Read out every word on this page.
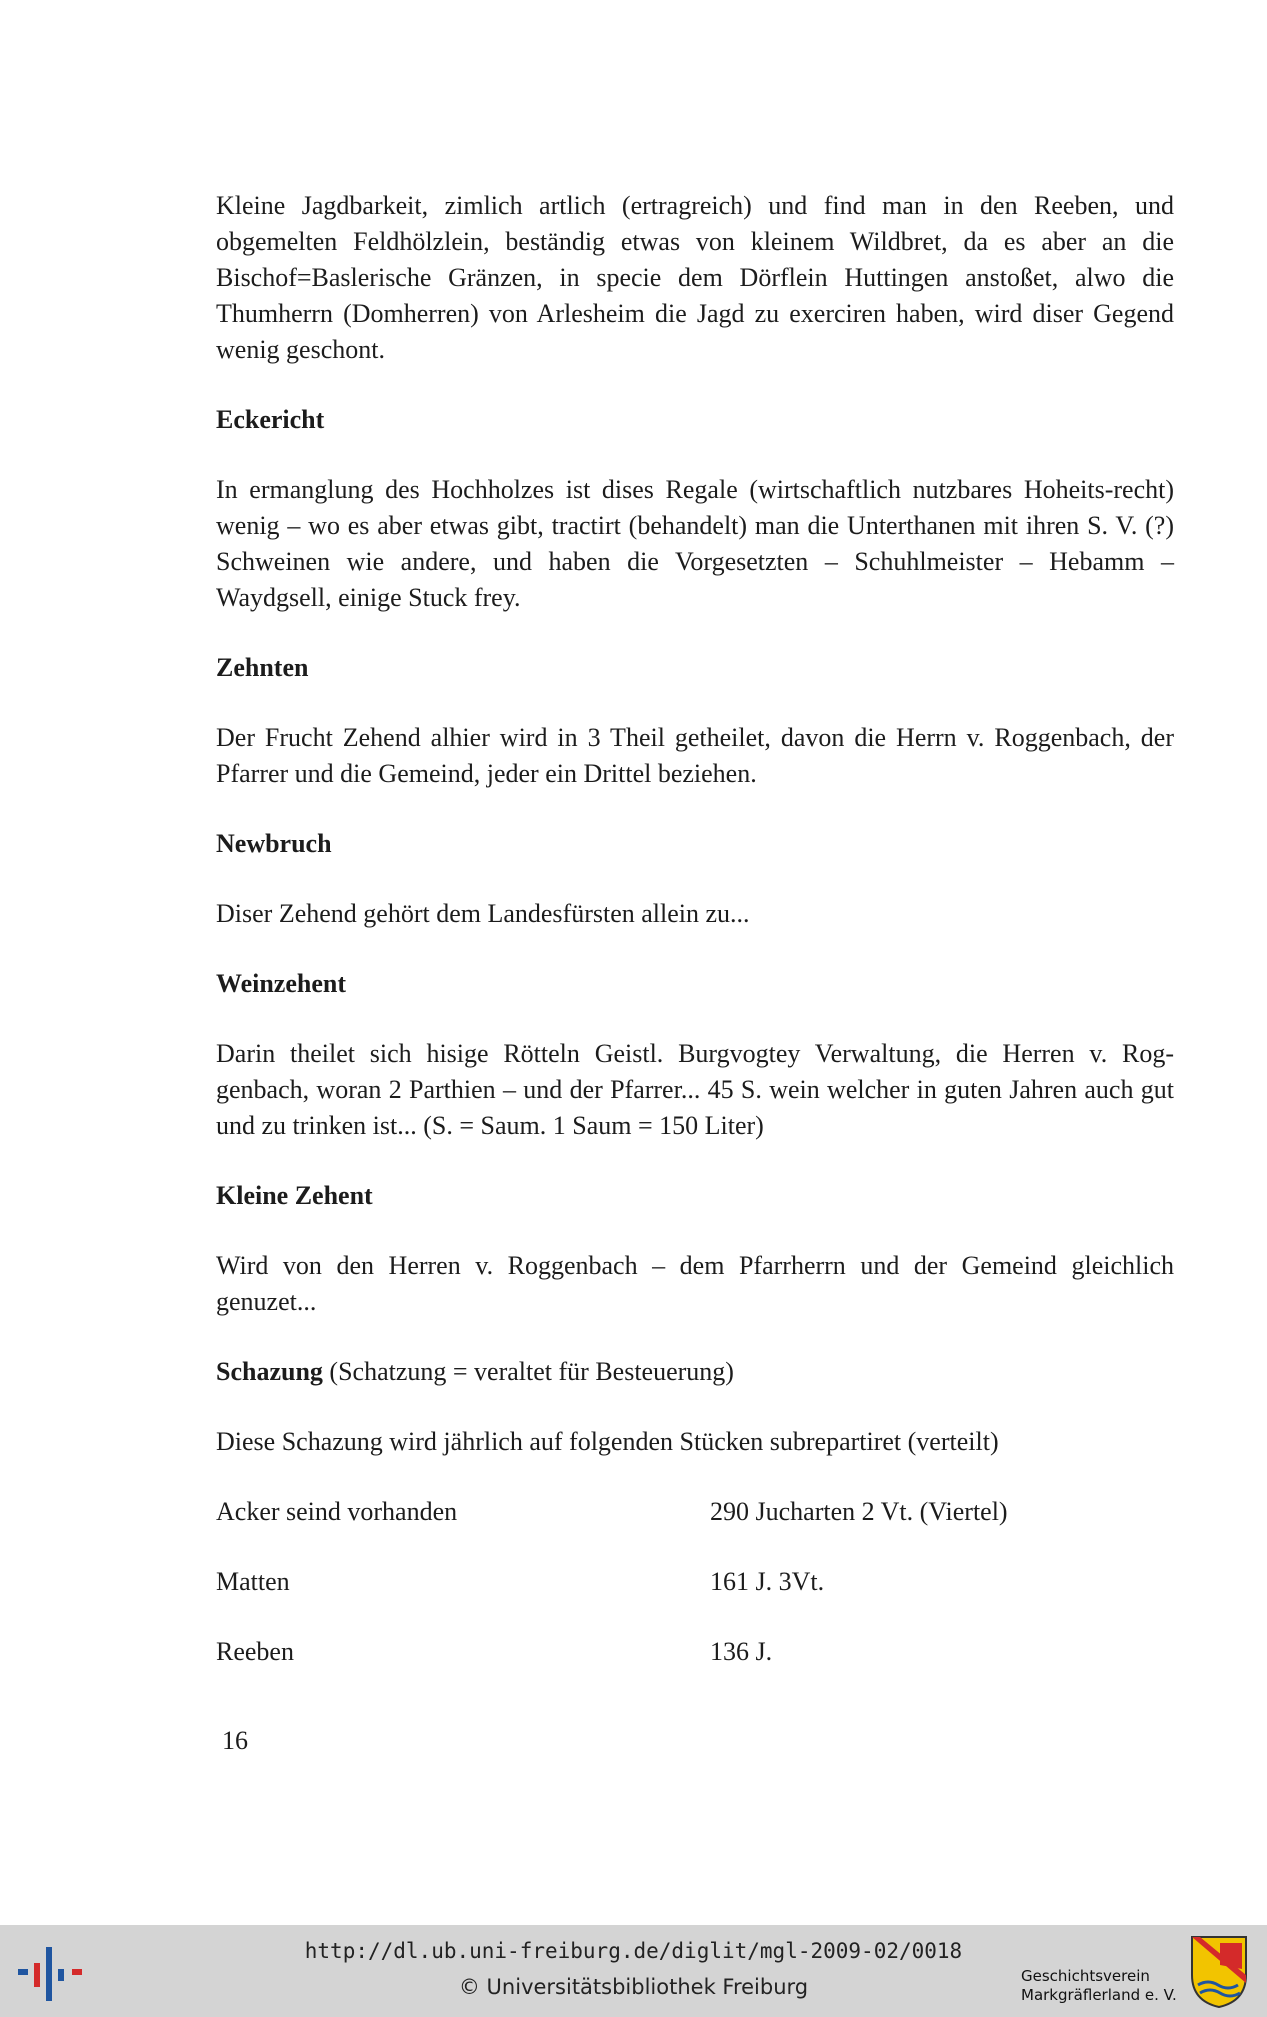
Kleine Jagdbarkeit, zimlich artlich (ertragreich) und find man in den Reeben, und obgemelten Feldhölzlein, beständig etwas von kleinem Wildbret, da es aber an die Bischof=Baslerische Gränzen, in specie dem Dörflein Huttingen anstoßet, alwo die Thumherrn (Domherren) von Arlesheim die Jagd zu exerciren haben, wird diser Gegend wenig geschont.

Eckericht

In ermanglung des Hochholzes ist dises Regale (wirtschaftlich nutzbares Hoheits-recht) wenig – wo es aber etwas gibt, tractirt (behandelt) man die Unterthanen mit ihren S. V. (?) Schweinen wie andere, und haben die Vorgesetzten – Schuhlmeister – Hebamm – Waydgsell, einige Stuck frey.

Zehnten

Der Frucht Zehend alhier wird in 3 Theil getheilet, davon die Herrn v. Roggenbach, der Pfarrer und die Gemeind, jeder ein Drittel beziehen.

Newbruch

Diser Zehend gehört dem Landesfürsten allein zu...

Weinzehent

Darin theilet sich hisige Rötteln Geistl. Burgvogtey Verwaltung, die Herren v. Rog-genbach, woran 2 Parthien – und der Pfarrer... 45 S. wein welcher in guten Jahren auch gut und zu trinken ist... (S. = Saum. 1 Saum = 150 Liter)

Kleine Zehent

Wird von den Herren v. Roggenbach – dem Pfarrherrn und der Gemeind gleichlich genuzet...

Schazung (Schatzung = veraltet für Besteuerung)

Diese Schazung wird jährlich auf folgenden Stücken subrepartiret (verteilt)

Acker seind vorhanden	290 Jucharten 2 Vt. (Viertel)
Matten	161 J. 3Vt.
Reeben	136 J.
16
http://dl.ub.uni-freiburg.de/diglit/mgl-2009-02/0018
© Universitätsbibliothek Freiburg	Geschichtsverein
Markgräflerland e. V.
